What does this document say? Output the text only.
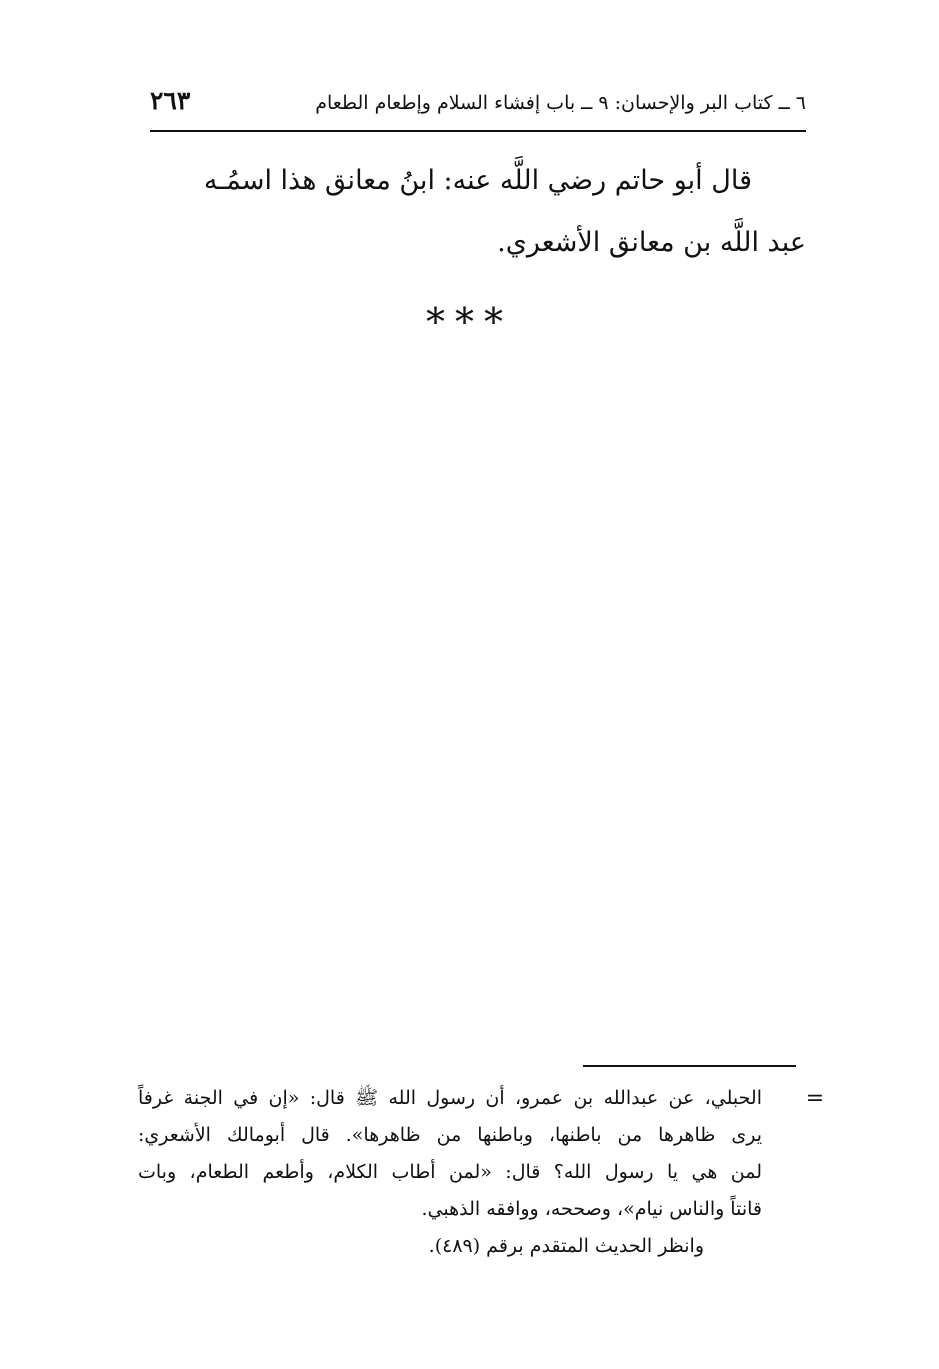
٦ ــ كتاب البر والإحسان: ٩ ــ باب إفشاء السلام وإطعام الطعام
٢٦٣

قال أبو حاتم رضي اللَّه عنه: ابنُ معانق هذا اسمُـه

عبد اللَّه بن معانق الأشعري.

***
=

الحبلي، عن عبدالله بن عمرو، أن رسول الله ﷺ قال: «إن في الجنة غرفاً

يرى ظاهرها من باطنها، وباطنها من ظاهرها». قال أبومالك الأشعري:

لمن هي يا رسول الله؟ قال: «لمن أطاب الكلام، وأطعم الطعام، وبات

قانتاً والناس نيام»، وصححه، ووافقه الذهبي.

وانظر الحديث المتقدم برقم (٤٨٩).
